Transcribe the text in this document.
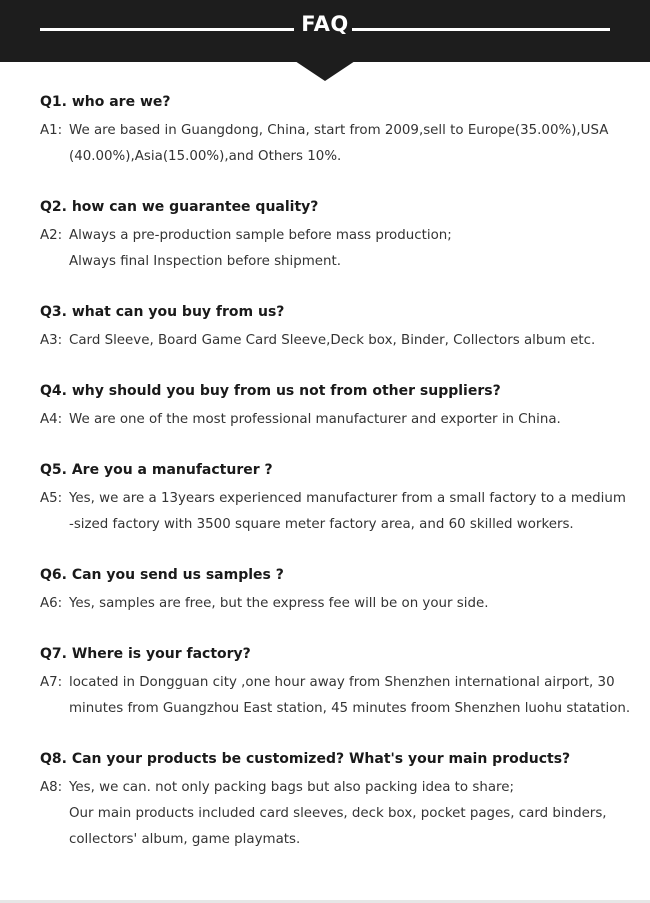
FAQ
Q1. who are we?
A1: We are based in Guangdong, China, start from 2009,sell to Europe(35.00%),USA
(40.00%),Asia(15.00%),and Others 10%.
Q2. how can we guarantee quality?
A2: Always a pre-production sample before mass production;
Always final Inspection before shipment.
Q3. what can you buy from us?
A3: Card Sleeve, Board Game Card Sleeve,Deck box, Binder, Collectors album etc.
Q4. why should you buy from us not from other suppliers?
A4: We are one of the most professional manufacturer and exporter in China.
Q5. Are you a manufacturer ?
A5: Yes, we are a 13years experienced manufacturer from a small factory to a medium
-sized factory with 3500 square meter factory area, and 60 skilled workers.
Q6. Can you send us samples ?
A6: Yes, samples are free, but the express fee will be on your side.
Q7. Where is your factory?
A7: located in Dongguan city ,one hour away from Shenzhen international airport, 30
minutes from Guangzhou East station, 45 minutes froom Shenzhen luohu statation.
Q8. Can your products be customized? What's your main products?
A8: Yes, we can. not only packing bags but also packing idea to share;
Our main products included card sleeves, deck box, pocket pages, card binders,
collectors' album, game playmats.
